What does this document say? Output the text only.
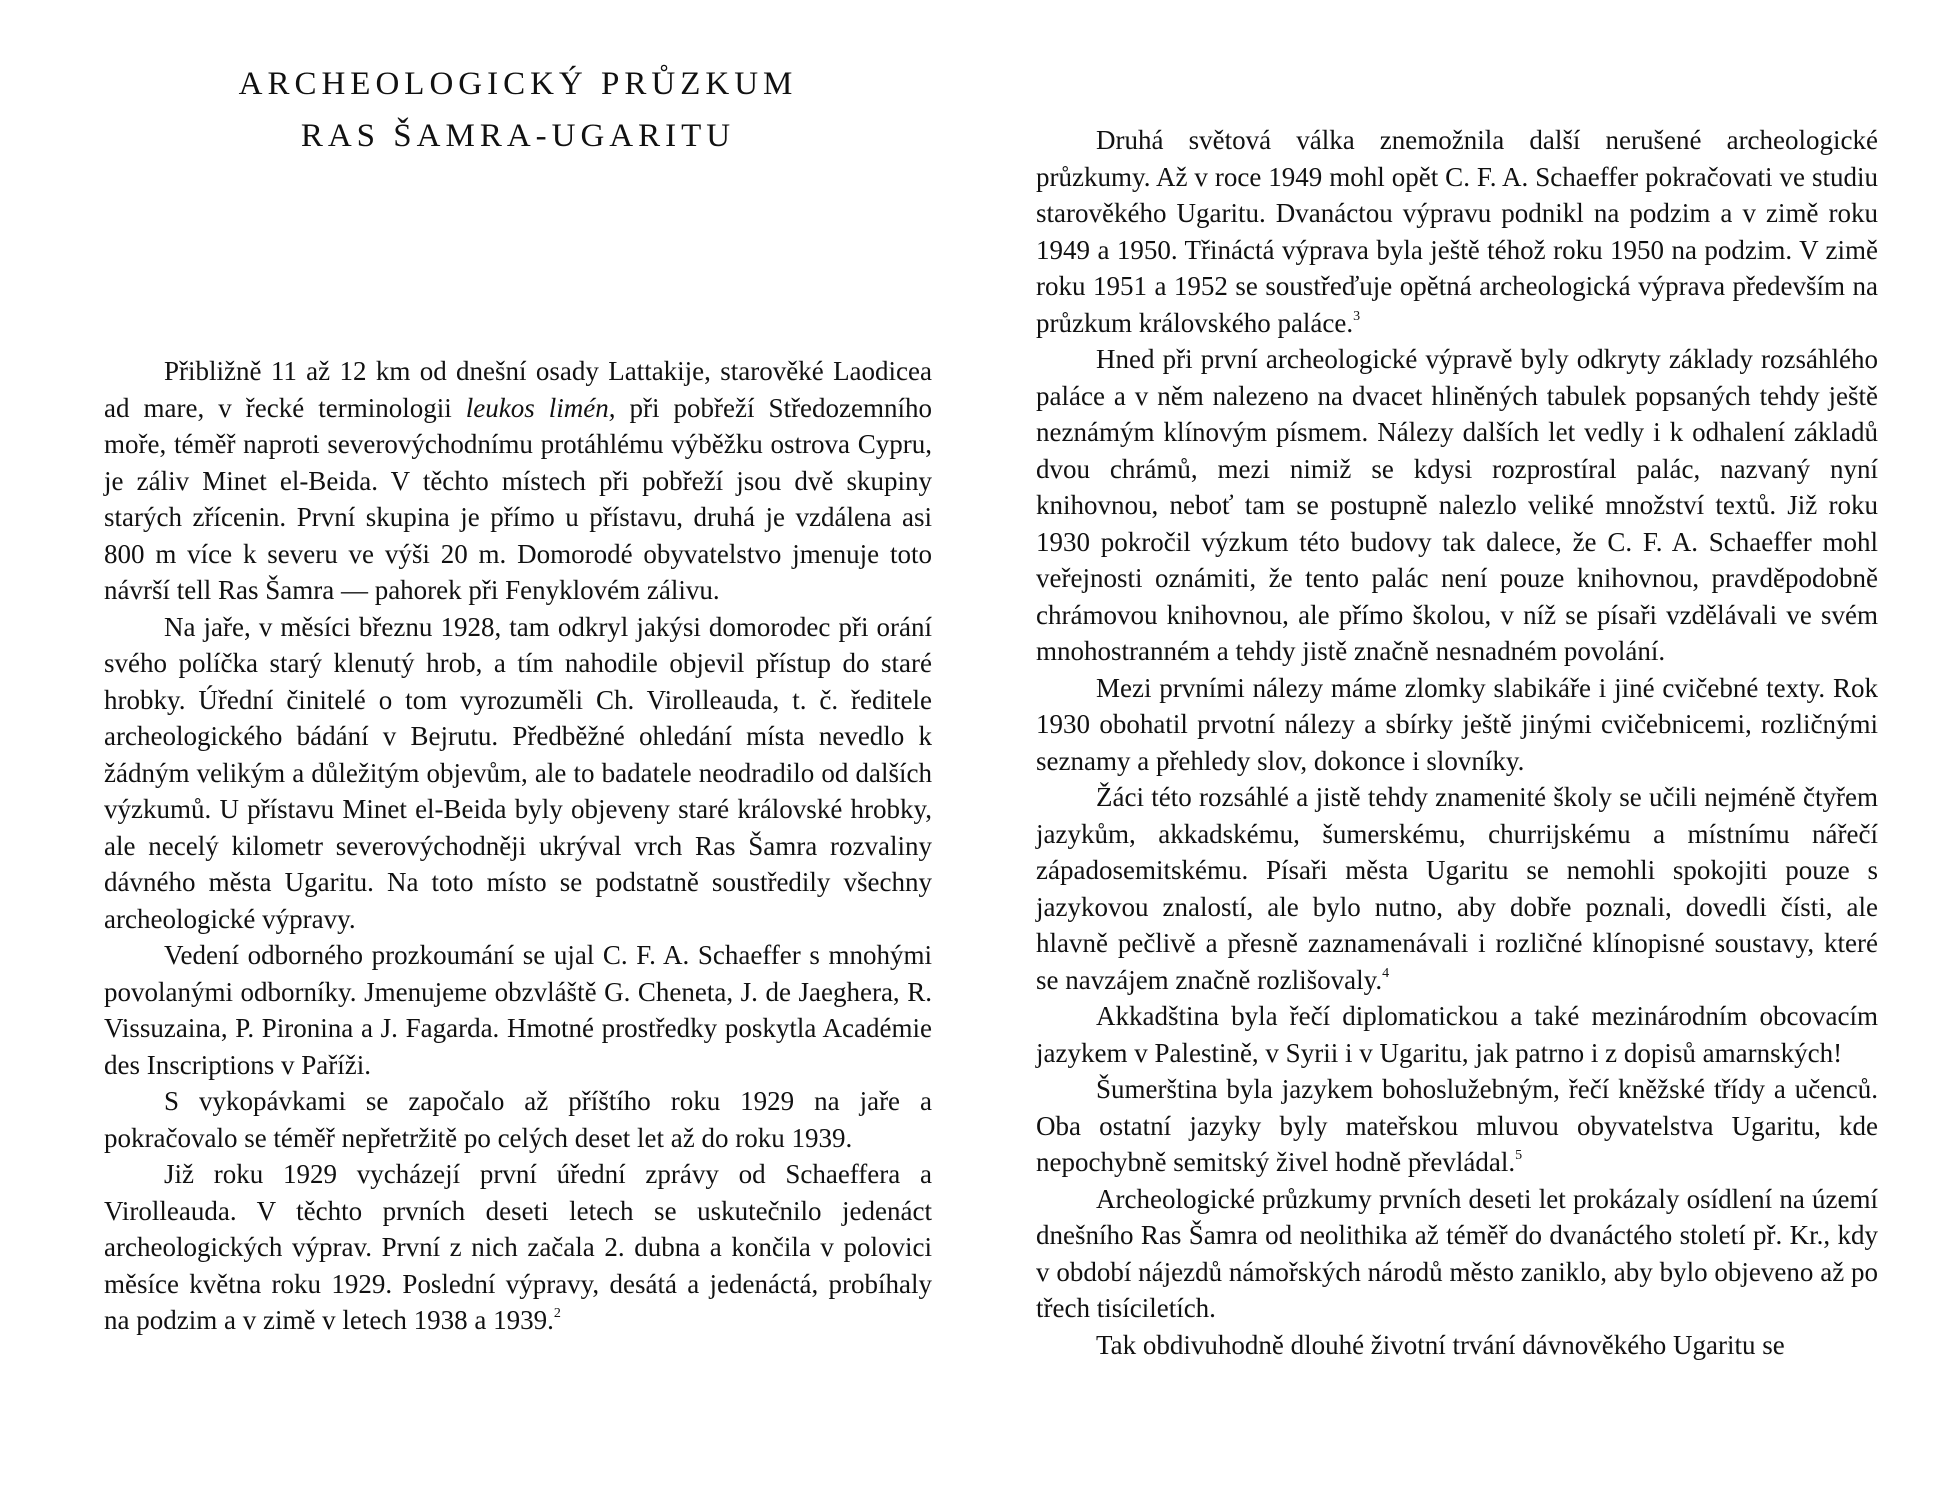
ARCHEOLOGICKÝ PRŮZKUM
RAS ŠAMRA-UGARITU

Přibližně 11 až 12 km od dnešní osady Lattakije, starověké Laodicea ad mare, v řecké terminologii leukos limén, při pobřeží Středozemního moře, téměř naproti severovýchodnímu protáhlému výběžku ostrova Cypru, je záliv Minet el-Beida. V těchto místech při pobřeží jsou dvě skupiny starých zřícenin. První skupina je přímo u přístavu, druhá je vzdálena asi 800 m více k severu ve výši 20 m. Domorodé obyvatelstvo jmenuje toto návrší tell Ras Šamra — pahorek při Fenyklovém zálivu.

Na jaře, v měsíci březnu 1928, tam odkryl jakýsi domorodec při orání svého políčka starý klenutý hrob, a tím nahodile objevil přístup do staré hrobky. Úřední činitelé o tom vyrozuměli Ch. Virolleauda, t. č. ředitele archeologického bádání v Bejrutu. Předběžné ohledání místa nevedlo k žádným velikým a důležitým objevům, ale to badatele neodradilo od dalších výzkumů. U přístavu Minet el-Beida byly objeveny staré královské hrobky, ale necelý kilometr severovýchodněji ukrýval vrch Ras Šamra rozvaliny dávného města Ugaritu. Na toto místo se podstatně soustředily všechny archeologické výpravy.

Vedení odborného prozkoumání se ujal C. F. A. Schaeffer s mnohými povolanými odborníky. Jmenujeme obzvláště G. Cheneta, J. de Jaeghera, R. Vissuzaina, P. Pironina a J. Fagarda. Hmotné prostředky poskytla Académie des Inscriptions v Paříži.

S vykopávkami se započalo až příštího roku 1929 na jaře a pokračovalo se téměř nepřetržitě po celých deset let až do roku 1939.

Již roku 1929 vycházejí první úřední zprávy od Schaeffera a Virolleauda. V těchto prvních deseti letech se uskutečnilo jedenáct archeologických výprav. První z nich začala 2. dubna a končila v polovici měsíce května roku 1929. Poslední výpravy, desátá a jedenáctá, probíhaly na podzim a v zimě v letech 1938 a 1939.$^2$

Druhá světová válka znemožnila další nerušené archeologické průzkumy. Až v roce 1949 mohl opět C. F. A. Schaeffer pokračovati ve studiu starověkého Ugaritu. Dvanáctou výpravu podnikl na podzim a v zimě roku 1949 a 1950. Třináctá výprava byla ještě téhož roku 1950 na podzim. V zimě roku 1951 a 1952 se soustřeďuje opětná archeologická výprava především na průzkum královského paláce.$^3$

Hned při první archeologické výpravě byly odkryty základy rozsáhlého paláce a v něm nalezeno na dvacet hliněných tabulek popsaných tehdy ještě neznámým klínovým písmem. Nálezy dalších let vedly i k odhalení základů dvou chrámů, mezi nimiž se kdysi rozprostíral palác, nazvaný nyní knihovnou, neboť tam se postupně nalezlo veliké množství textů. Již roku 1930 pokročil výzkum této budovy tak dalece, že C. F. A. Schaeffer mohl veřejnosti oznámiti, že tento palác není pouze knihovnou, pravděpodobně chrámovou knihovnou, ale přímo školou, v níž se písaři vzdělávali ve svém mnohostranném a tehdy jistě značně nesnadném povolání.

Mezi prvními nálezy máme zlomky slabikáře i jiné cvičebné texty. Rok 1930 obohatil prvotní nálezy a sbírky ještě jinými cvičebnicemi, rozličnými seznamy a přehledy slov, dokonce i slovníky.

Žáci této rozsáhlé a jistě tehdy znamenité školy se učili nejméně čtyřem jazykům, akkadskému, šumerskému, churrijskému a místnímu nářečí západosemitskému. Písaři města Ugaritu se nemohli spokojiti pouze s jazykovou znalostí, ale bylo nutno, aby dobře poznali, dovedli čísti, ale hlavně pečlivě a přesně zaznamenávali i rozličné klínopisné soustavy, které se navzájem značně rozlišovaly.$^4$

Akkadština byla řečí diplomatickou a také mezinárodním obcovacím jazykem v Palestině, v Syrii i v Ugaritu, jak patrno i z dopisů amarnských!

Šumerština byla jazykem bohoslužebným, řečí kněžské třídy a učenců. Oba ostatní jazyky byly mateřskou mluvou obyvatelstva Ugaritu, kde nepochybně semitský živel hodně převládal.$^5$

Archeologické průzkumy prvních deseti let prokázaly osídlení na území dnešního Ras Šamra od neolithika až téměř do dvanáctého století př. Kr., kdy v období nájezdů námořských národů město zaniklo, aby bylo objeveno až po třech tisíciletích.

Tak obdivuhodně dlouhé životní trvání dávnověkého Ugaritu se
